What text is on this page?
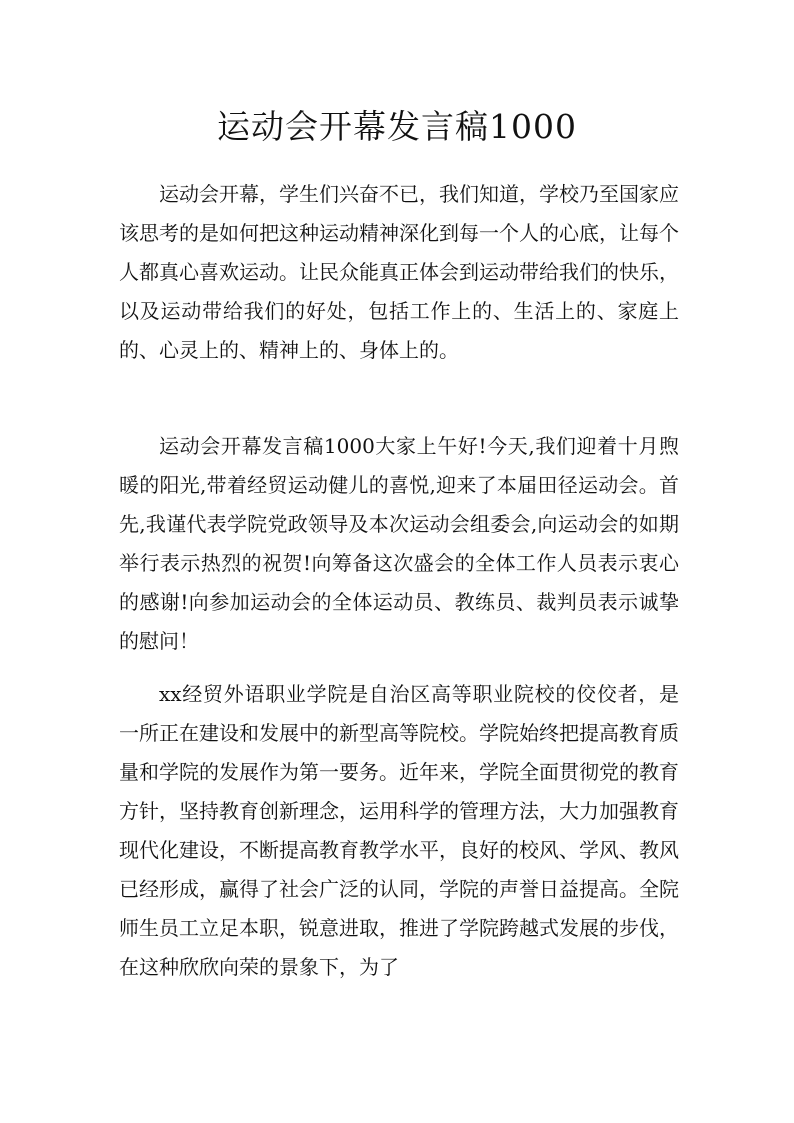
运动会开幕发言稿1000

运动会开幕，学生们兴奋不已，我们知道，学校乃至国家应该思考的是如何把这种运动精神深化到每一个人的心底，让每个人都真心喜欢运动。让民众能真正体会到运动带给我们的快乐，以及运动带给我们的好处，包括工作上的、生活上的、家庭上的、心灵上的、精神上的、身体上的。

运动会开幕发言稿1000大家上午好!今天,我们迎着十月煦暖的阳光,带着经贸运动健儿的喜悦,迎来了本届田径运动会。首先,我谨代表学院党政领导及本次运动会组委会,向运动会的如期举行表示热烈的祝贺!向筹备这次盛会的全体工作人员表示衷心的感谢!向参加运动会的全体运动员、教练员、裁判员表示诚挚的慰问！

xx经贸外语职业学院是自治区高等职业院校的佼佼者，是一所正在建设和发展中的新型高等院校。学院始终把提高教育质量和学院的发展作为第一要务。近年来，学院全面贯彻党的教育方针，坚持教育创新理念，运用科学的管理方法，大力加强教育现代化建设，不断提高教育教学水平，良好的校风、学风、教风已经形成，赢得了社会广泛的认同，学院的声誉日益提高。全院师生员工立足本职，锐意进取，推进了学院跨越式发展的步伐，在这种欣欣向荣的景象下，为了
